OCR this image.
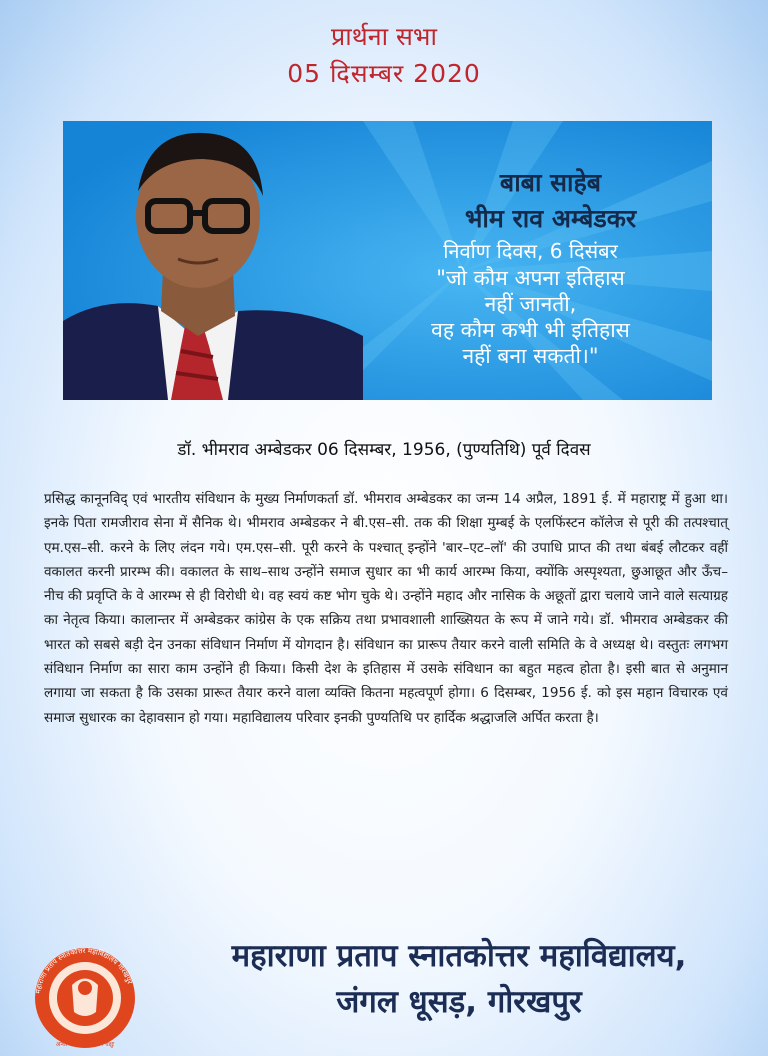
प्रार्थना सभा
05 दिसम्बर 2020
बाबा साहेब
भीम राव अम्बेडकर
निर्वाण दिवस, 6 दिसंबर
"जो कौम अपना इतिहास
नहीं जानती,
वह कौम कभी भी इतिहास
नहीं बना सकती।"
डॉ. भीमराव अम्बेडकर 06 दिसम्बर, 1956, (पुण्यतिथि) पूर्व दिवस
प्रसिद्ध कानूनविद् एवं भारतीय संविधान के मुख्य निर्माणकर्ता डॉ. भीमराव अम्बेडकर का जन्म 14 अप्रैल, 1891 ई. में महाराष्ट्र में हुआ था। इनके पिता रामजीराव सेना में सैनिक थे। भीमराव अम्बेडकर ने बी.एस–सी. तक की शिक्षा मुम्बई के एलफिंस्टन कॉलेज से पूरी की तत्पश्चात् एम.एस–सी. करने के लिए लंदन गये। एम.एस–सी. पूरी करने के पश्चात् इन्होंने 'बार–एट–लॉ' की उपाधि प्राप्त की तथा बंबई लौटकर वहीं वकालत करनी प्रारम्भ की। वकालत के साथ–साथ उन्होंने समाज सुधार का भी कार्य आरम्भ किया, क्योंकि अस्पृश्यता, छुआछूत और ऊँच–नीच की प्रवृप्ति के वे आरम्भ से ही विरोधी थे। वह स्वयं कष्ट भोग चुके थे। उन्होंने महाद और नासिक के अछूतों द्वारा चलाये जाने वाले सत्याग्रह का नेतृत्व किया। कालान्तर में अम्बेडकर कांग्रेस के एक सक्रिय तथा प्रभावशाली शाख्सियत के रूप में जाने गये। डॉ. भीमराव अम्बेडकर की भारत को सबसे बड़ी देन उनका संविधान निर्माण में योगदान है। संविधान का प्रारूप तैयार करने वाली समिति के वे अध्यक्ष थे। वस्तुतः लगभग संविधान निर्माण का सारा काम उन्होंने ही किया। किसी देश के इतिहास में उसके संविधान का बहुत महत्व होता है। इसी बात से अनुमान लगाया जा सकता है कि उसका प्रारूत तैयार करने वाला व्यक्ति कितना महत्वपूर्ण होगा। 6 दिसम्बर, 1956 ई. को इस महान विचारक एवं समाज सुधारक का देहावसान हो गया। महाविद्यालय परिवार इनकी पुण्यतिथि पर हार्दिक श्रद्धाजलि अर्पित करता है।
महाराणा प्रताप स्नातकोत्तर महाविद्यालय गोरखपुर
अन्धो नास्ति विद्या समं चक्षुः
महाराणा प्रताप स्नातकोत्तर महाविद्यालय,
जंगल धूसड़, गोरखपुर
